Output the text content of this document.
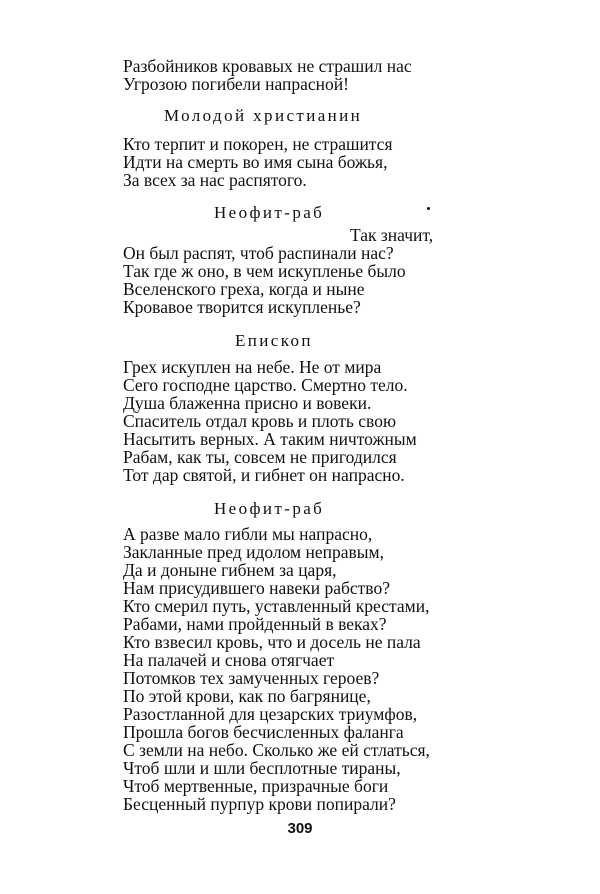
Разбойников кровавых не страшил нас
Угрозою погибели напрасной!
Молодой христианин
Кто терпит и покорен, не страшится
Идти на смерть во имя сына божья,
За всех за нас распятого.
Неофит-раб
Так значит,
Он был распят, чтоб распинали нас?
Так где ж оно, в чем искупленье было
Вселенского греха, когда и ныне
Кровавое творится искупленье?
Епископ
Грех искуплен на небе. Не от мира
Сего господне царство. Смертно тело.
Душа блаженна присно и вовеки.
Спаситель отдал кровь и плоть свою
Насытить верных. А таким ничтожным
Рабам, как ты, совсем не пригодился
Тот дар святой, и гибнет он напрасно.
Неофит-раб
А разве мало гибли мы напрасно,
Закланные пред идолом неправым,
Да и доныне гибнем за царя,
Нам присудившего навеки рабство?
Кто смерил путь, уставленный крестами,
Рабами, нами пройденный в веках?
Кто взвесил кровь, что и досель не пала
На палачей и снова отягчает
Потомков тех замученных героев?
По этой крови, как по багрянице,
Разостланной для цезарских триумфов,
Прошла богов бесчисленных фаланга
С земли на небо. Сколько же ей стлаться,
Чтоб шли и шли бесплотные тираны,
Чтоб мертвенные, призрачные боги
Бесценный пурпур крови попирали?
309
